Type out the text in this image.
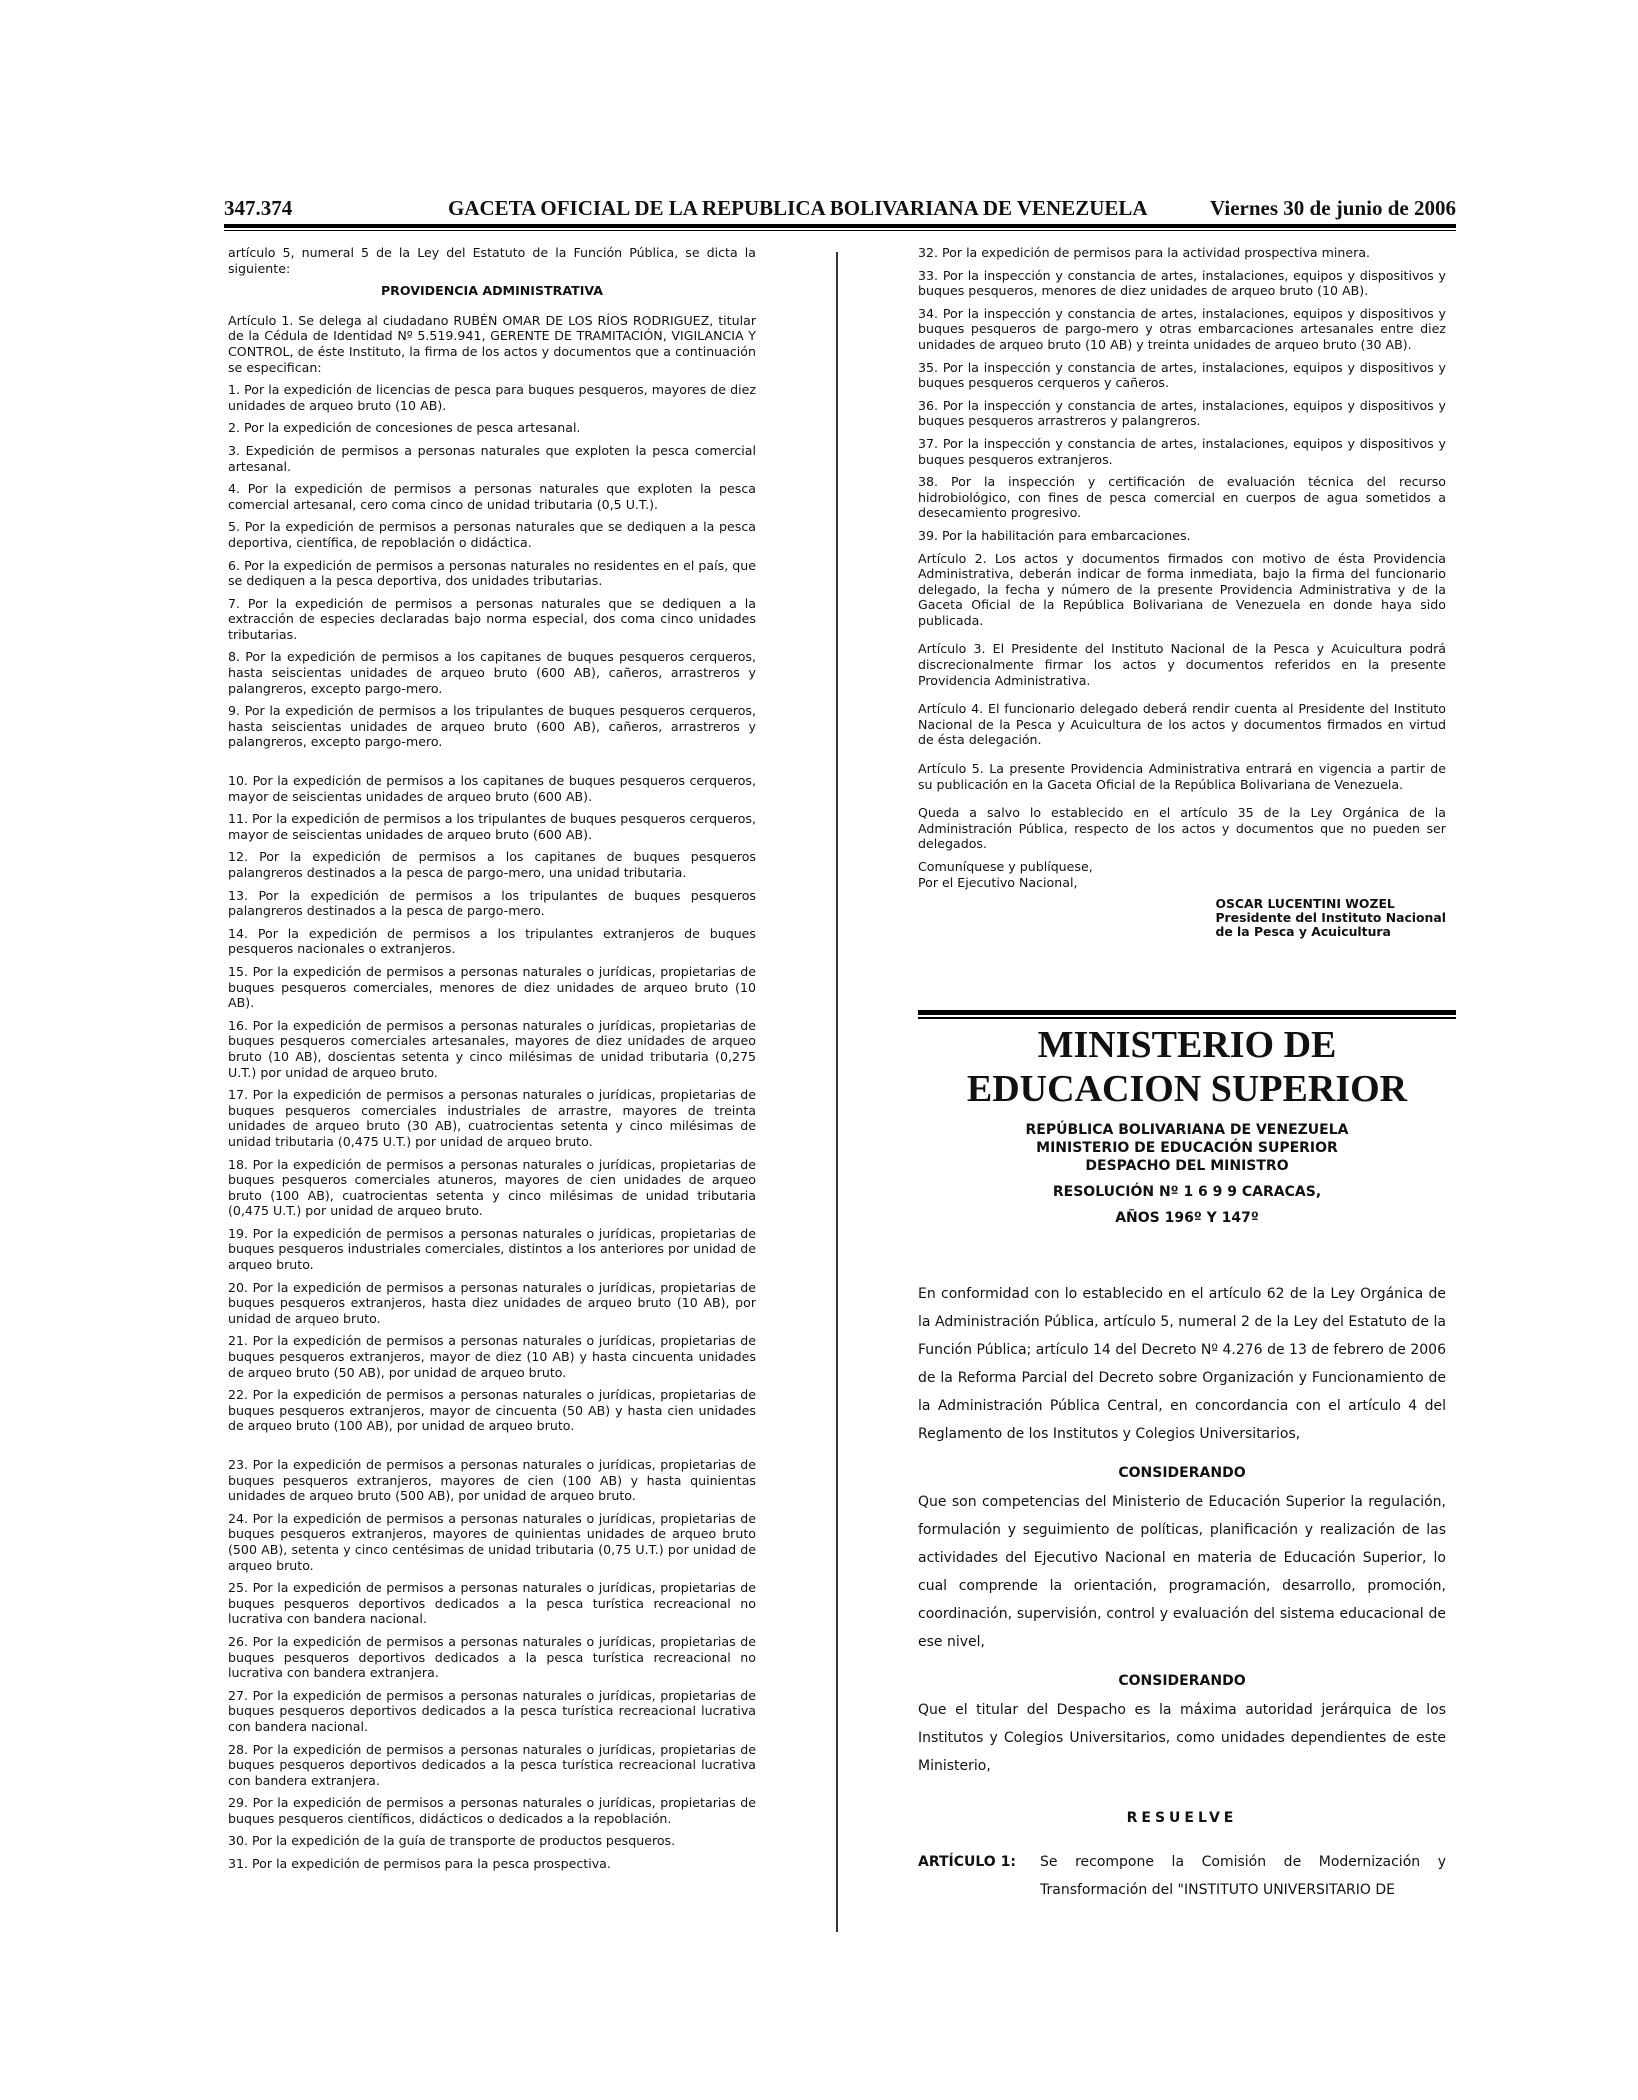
347.374	GACETA OFICIAL DE LA REPUBLICA BOLIVARIANA DE VENEZUELA	Viernes 30 de junio de 2006

artículo 5, numeral 5 de la Ley del Estatuto de la Función Pública, se dicta la siguiente:

PROVIDENCIA ADMINISTRATIVA

Artículo 1. Se delega al ciudadano RUBÉN OMAR DE LOS RÍOS RODRIGUEZ, titular de la Cédula de Identidad Nº 5.519.941, GERENTE DE TRAMITACIÓN, VIGILANCIA Y CONTROL, de éste Instituto, la firma de los actos y documentos que a continuación se especifican:

1. Por la expedición de licencias de pesca para buques pesqueros, mayores de diez unidades de arqueo bruto (10 AB).

2. Por la expedición de concesiones de pesca artesanal.

3. Expedición de permisos a personas naturales que exploten la pesca comercial artesanal.

4. Por la expedición de permisos a personas naturales que exploten la pesca comercial artesanal, cero coma cinco de unidad tributaria (0,5 U.T.).

5. Por la expedición de permisos a personas naturales que se dediquen a la pesca deportiva, científica, de repoblación o didáctica.

6. Por la expedición de permisos a personas naturales no residentes en el país, que se dediquen a la pesca deportiva, dos unidades tributarias.

7. Por la expedición de permisos a personas naturales que se dediquen a la extracción de especies declaradas bajo norma especial, dos coma cinco unidades tributarias.

8. Por la expedición de permisos a los capitanes de buques pesqueros cerqueros, hasta seiscientas unidades de arqueo bruto (600 AB), cañeros, arrastreros y palangreros, excepto pargo-mero.

9. Por la expedición de permisos a los tripulantes de buques pesqueros cerqueros, hasta seiscientas unidades de arqueo bruto (600 AB), cañeros, arrastreros y palangreros, excepto pargo-mero.

10. Por la expedición de permisos a los capitanes de buques pesqueros cerqueros, mayor de seiscientas unidades de arqueo bruto (600 AB).

11. Por la expedición de permisos a los tripulantes de buques pesqueros cerqueros, mayor de seiscientas unidades de arqueo bruto (600 AB).

12. Por la expedición de permisos a los capitanes de buques pesqueros palangreros destinados a la pesca de pargo-mero, una unidad tributaria.

13. Por la expedición de permisos a los tripulantes de buques pesqueros palangreros destinados a la pesca de pargo-mero.

14. Por la expedición de permisos a los tripulantes extranjeros de buques pesqueros nacionales o extranjeros.

15. Por la expedición de permisos a personas naturales o jurídicas, propietarias de buques pesqueros comerciales, menores de diez unidades de arqueo bruto (10 AB).

16. Por la expedición de permisos a personas naturales o jurídicas, propietarias de buques pesqueros comerciales artesanales, mayores de diez unidades de arqueo bruto (10 AB), doscientas setenta y cinco milésimas de unidad tributaria (0,275 U.T.) por unidad de arqueo bruto.

17. Por la expedición de permisos a personas naturales o jurídicas, propietarias de buques pesqueros comerciales industriales de arrastre, mayores de treinta unidades de arqueo bruto (30 AB), cuatrocientas setenta y cinco milésimas de unidad tributaria (0,475 U.T.) por unidad de arqueo bruto.

18. Por la expedición de permisos a personas naturales o jurídicas, propietarias de buques pesqueros comerciales atuneros, mayores de cien unidades de arqueo bruto (100 AB), cuatrocientas setenta y cinco milésimas de unidad tributaria (0,475 U.T.) por unidad de arqueo bruto.

19. Por la expedición de permisos a personas naturales o jurídicas, propietarias de buques pesqueros industriales comerciales, distintos a los anteriores por unidad de arqueo bruto.

20. Por la expedición de permisos a personas naturales o jurídicas, propietarias de buques pesqueros extranjeros, hasta diez unidades de arqueo bruto (10 AB), por unidad de arqueo bruto.

21. Por la expedición de permisos a personas naturales o jurídicas, propietarias de buques pesqueros extranjeros, mayor de diez (10 AB) y hasta cincuenta unidades de arqueo bruto (50 AB), por unidad de arqueo bruto.

22. Por la expedición de permisos a personas naturales o jurídicas, propietarias de buques pesqueros extranjeros, mayor de cincuenta (50 AB) y hasta cien unidades de arqueo bruto (100 AB), por unidad de arqueo bruto.

23. Por la expedición de permisos a personas naturales o jurídicas, propietarias de buques pesqueros extranjeros, mayores de cien (100 AB) y hasta quinientas unidades de arqueo bruto (500 AB), por unidad de arqueo bruto.

24. Por la expedición de permisos a personas naturales o jurídicas, propietarias de buques pesqueros extranjeros, mayores de quinientas unidades de arqueo bruto (500 AB), setenta y cinco centésimas de unidad tributaria (0,75 U.T.) por unidad de arqueo bruto.

25. Por la expedición de permisos a personas naturales o jurídicas, propietarias de buques pesqueros deportivos dedicados a la pesca turística recreacional no lucrativa con bandera nacional.

26. Por la expedición de permisos a personas naturales o jurídicas, propietarias de buques pesqueros deportivos dedicados a la pesca turística recreacional no lucrativa con bandera extranjera.

27. Por la expedición de permisos a personas naturales o jurídicas, propietarias de buques pesqueros deportivos dedicados a la pesca turística recreacional lucrativa con bandera nacional.

28. Por la expedición de permisos a personas naturales o jurídicas, propietarias de buques pesqueros deportivos dedicados a la pesca turística recreacional lucrativa con bandera extranjera.

29. Por la expedición de permisos a personas naturales o jurídicas, propietarias de buques pesqueros científicos, didácticos o dedicados a la repoblación.

30. Por la expedición de la guía de transporte de productos pesqueros.

31. Por la expedición de permisos para la pesca prospectiva.

32. Por la expedición de permisos para la actividad prospectiva minera.

33. Por la inspección y constancia de artes, instalaciones, equipos y dispositivos y buques pesqueros, menores de diez unidades de arqueo bruto (10 AB).

34. Por la inspección y constancia de artes, instalaciones, equipos y dispositivos y buques pesqueros de pargo-mero y otras embarcaciones artesanales entre diez unidades de arqueo bruto (10 AB) y treinta unidades de arqueo bruto (30 AB).

35. Por la inspección y constancia de artes, instalaciones, equipos y dispositivos y buques pesqueros cerqueros y cañeros.

36. Por la inspección y constancia de artes, instalaciones, equipos y dispositivos y buques pesqueros arrastreros y palangreros.

37. Por la inspección y constancia de artes, instalaciones, equipos y dispositivos y buques pesqueros extranjeros.

38. Por la inspección y certificación de evaluación técnica del recurso hidrobiológico, con fines de pesca comercial en cuerpos de agua sometidos a desecamiento progresivo.

39. Por la habilitación para embarcaciones.

Artículo 2. Los actos y documentos firmados con motivo de ésta Providencia Administrativa, deberán indicar de forma inmediata, bajo la firma del funcionario delegado, la fecha y número de la presente Providencia Administrativa y de la Gaceta Oficial de la República Bolivariana de Venezuela en donde haya sido publicada.

Artículo 3. El Presidente del Instituto Nacional de la Pesca y Acuicultura podrá discrecionalmente firmar los actos y documentos referidos en la presente Providencia Administrativa.

Artículo 4. El funcionario delegado deberá rendir cuenta al Presidente del Instituto Nacional de la Pesca y Acuicultura de los actos y documentos firmados en virtud de ésta delegación.

Artículo 5. La presente Providencia Administrativa entrará en vigencia a partir de su publicación en la Gaceta Oficial de la República Bolivariana de Venezuela.

Queda a salvo lo establecido en el artículo 35 de la Ley Orgánica de la Administración Pública, respecto de los actos y documentos que no pueden ser delegados.

Comuníquese y publíquese,
Por el Ejecutivo Nacional,
OSCAR LUCENTINI WOZEL
Presidente del Instituto Nacional
de la Pesca y Acuicultura
MINISTERIO DE
EDUCACION SUPERIOR
REPÚBLICA BOLIVARIANA DE VENEZUELA
MINISTERIO DE EDUCACIÓN SUPERIOR
DESPACHO DEL MINISTRO
RESOLUCIÓN Nº 1 6 9 9 CARACAS,
AÑOS 196º Y 147º

En conformidad con lo establecido en el artículo 62 de la Ley Orgánica de la Administración Pública, artículo 5, numeral 2 de la Ley del Estatuto de la Función Pública; artículo 14 del Decreto Nº 4.276 de 13 de febrero de 2006 de la Reforma Parcial del Decreto sobre Organización y Funcionamiento de la Administración Pública Central, en concordancia con el artículo 4 del Reglamento de los Institutos y Colegios Universitarios,

CONSIDERANDO

Que son competencias del Ministerio de Educación Superior la regulación, formulación y seguimiento de políticas, planificación y realización de las actividades del Ejecutivo Nacional en materia de Educación Superior, lo cual comprende la orientación, programación, desarrollo, promoción, coordinación, supervisión, control y evaluación del sistema educacional de ese nivel,

CONSIDERANDO

Que el titular del Despacho es la máxima autoridad jerárquica de los Institutos y Colegios Universitarios, como unidades dependientes de este Ministerio,

RESUELVE
ARTÍCULO 1:	Se recompone la Comisión de Modernización y Transformación del "INSTITUTO UNIVERSITARIO DE
